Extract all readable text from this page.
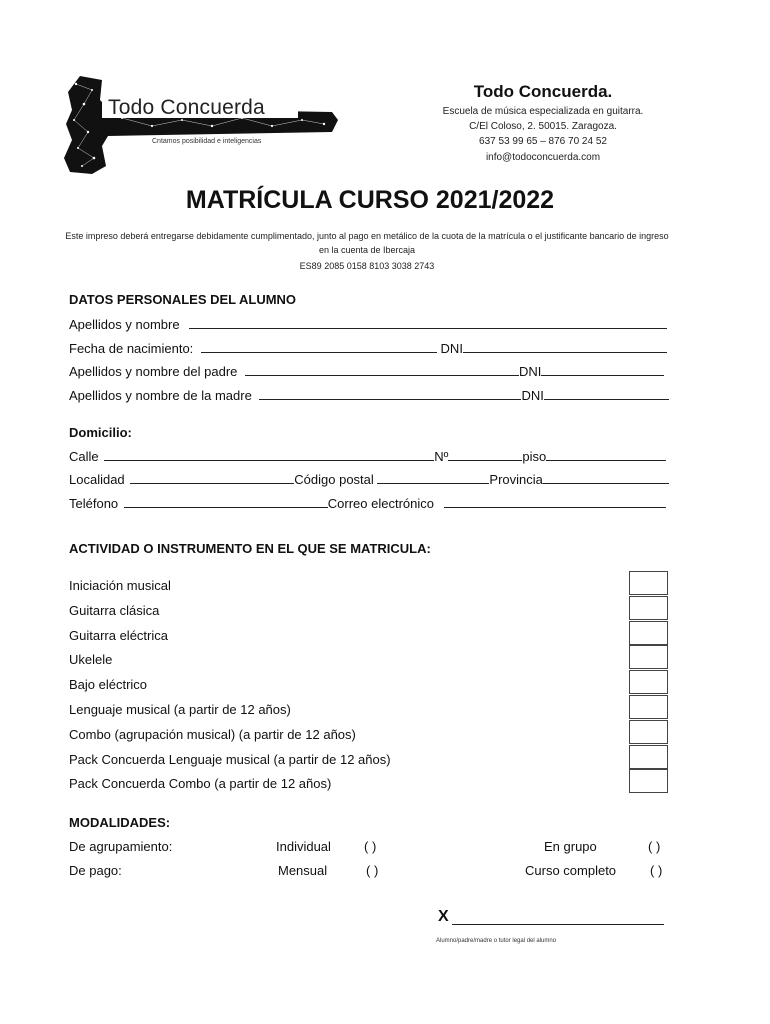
Todo Concuerda
Cntamos posibilidad e inteligencias
Todo Concuerda.
Escuela de música especializada en guitarra.
C/El Coloso, 2. 50015. Zaragoza.
637 53 99 65 – 876 70 24 52
info@todoconcuerda.com
MATRÍCULA CURSO 2021/2022
Este impreso deberá entregarse debidamente cumplimentado, junto al pago en metálico de la cuota de la matrícula o el justificante bancario de ingreso en la cuenta de Ibercaja
ES89 2085 0158 8103 3038 2743
DATOS PERSONALES DEL ALUMNO
Apellidos y nombre
Fecha de nacimiento:	DNI
Apellidos y nombre del padre	DNI
Apellidos y nombre de la madre	DNI
Domicilio:
Calle	Nº	piso
Localidad	Código postal	Provincia
Teléfono	Correo electrónico
ACTIVIDAD O INSTRUMENTO EN EL QUE SE MATRICULA:
Iniciación musical
Guitarra clásica
Guitarra eléctrica
Ukelele
Bajo eléctrico
Lenguaje musical (a partir de 12 años)
Combo (agrupación musical) (a partir de 12 años)
Pack Concuerda Lenguaje musical (a partir de 12 años)
Pack Concuerda Combo (a partir de 12 años)
MODALIDADES:
De agrupamiento:	Individual	( )	En grupo	( )
De pago:	Mensual	( )	Curso completo	( )
X
Alumno/padre/madre o tutor legal del alumno
